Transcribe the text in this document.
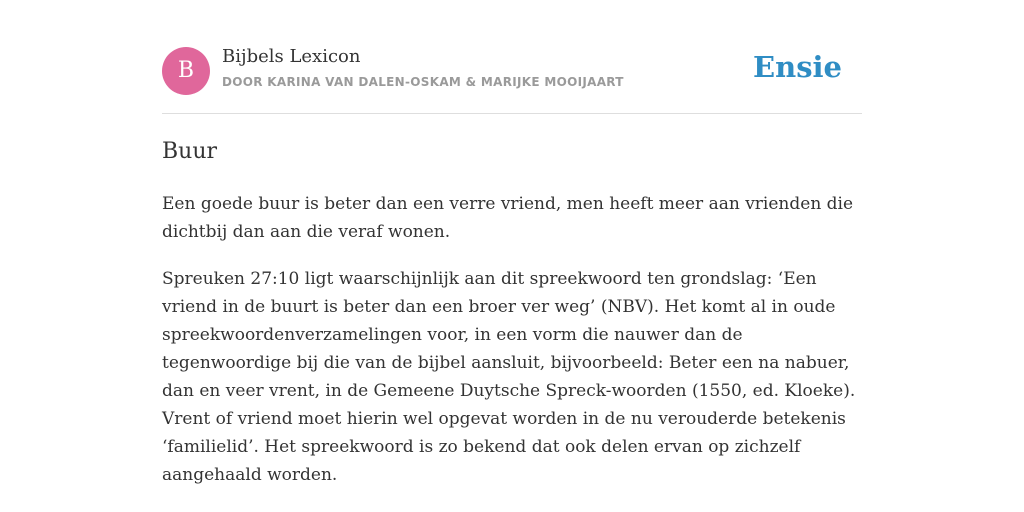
B
Bijbels Lexicon
DOOR KARINA VAN DALEN-OSKAM & MARIJKE MOOIJAART	Ensie
Buur

Een goede buur is beter dan een verre vriend, men heeft meer aan vrienden die dichtbij dan aan die veraf wonen.

Spreuken 27:10 ligt waarschijnlijk aan dit spreekwoord ten grondslag: ‘Een vriend in de buurt is beter dan een broer ver weg’ (NBV). Het komt al in oude spreekwoordenverzamelingen voor, in een vorm die nauwer dan de tegenwoordige bij die van de bijbel aansluit, bijvoorbeeld: Beter een na nabuer, dan en veer vrent, in de Gemeene Duytsche Spreck-woorden (1550, ed. Kloeke). Vrent of vriend moet hierin wel opgevat worden in de nu verouderde betekenis ‘familielid’. Het spreekwoord is zo bekend dat ook delen ervan op zichzelf aangehaald worden.
